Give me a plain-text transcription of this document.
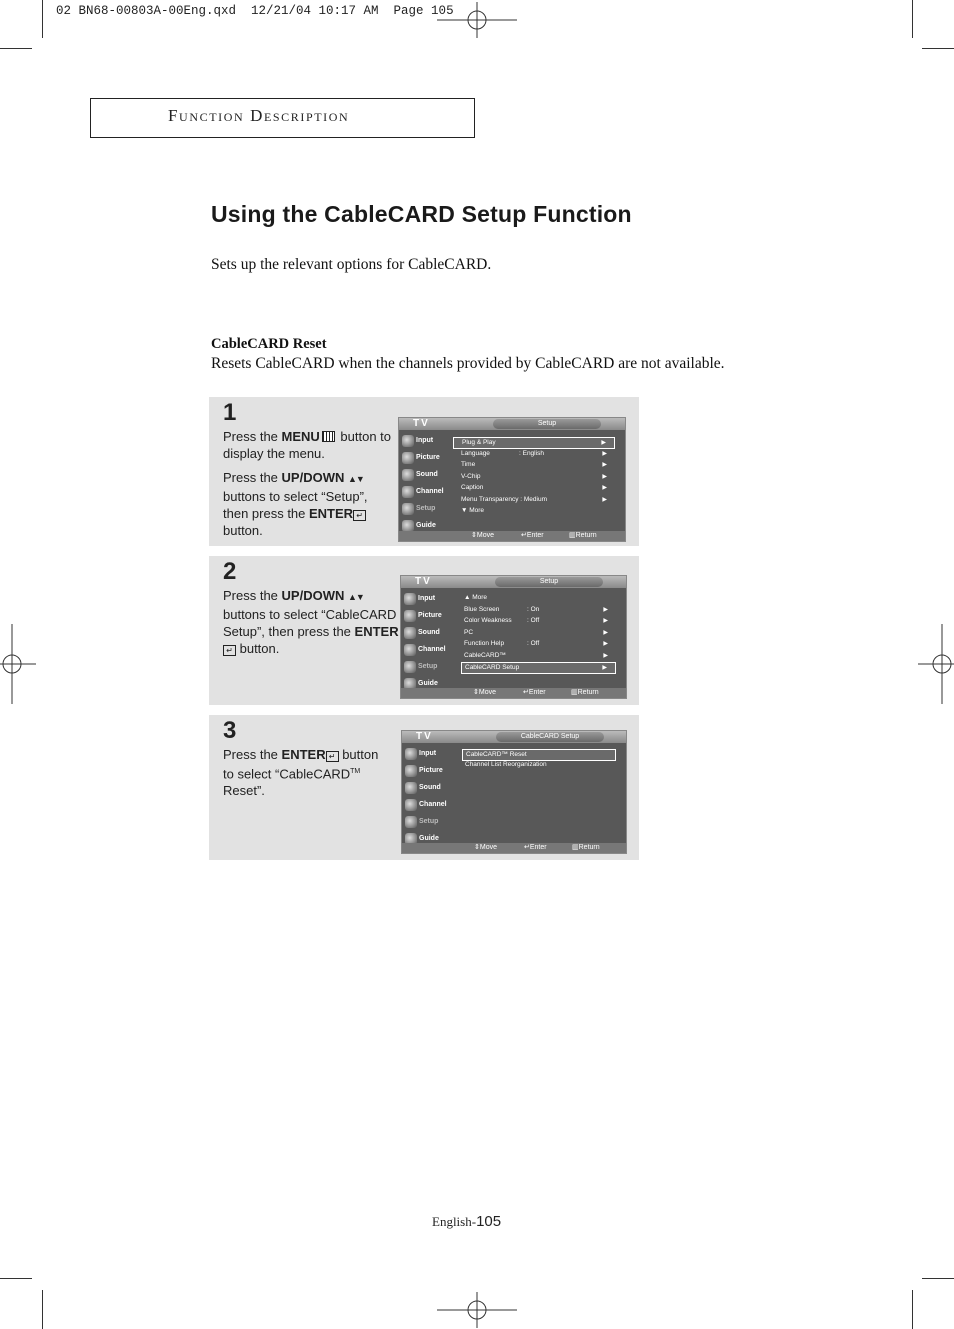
02 BN68-00803A-00Eng.qxd  12/21/04 10:17 AM  Page 105
Function Description
Using the CableCARD Setup Function
Sets up the relevant options for CableCARD.
CableCARD Reset
Resets CableCARD when the channels provided by CableCARD are not available.
1
Press the MENU button to display the menu.
Press the UP/DOWN ▲▼ buttons to select “Setup”, then press the ENTER ↵ button.
TV	Setup
Input
Picture
Sound
Channel
Setup
Guide
Plug & Play	▶
Language	: English	▶
Time	▶
V-Chip	▶
Caption	▶
Menu Transparency : Medium	▶
▼ More
⇕ Move	↵ Enter	▥ Return
2
Press the UP/DOWN ▲▼ buttons to select “CableCARD Setup”, then press the ENTER↵ button.
TV	Setup
Input
Picture
Sound
Channel
Setup
Guide
▲ More
Blue Screen	: On	▶
Color Weakness : Off	▶
PC	▶
Function Help	: Off	▶
CableCARD™	▶
CableCARD Setup	▶
⇕ Move	↵ Enter	▥ Return
3
Press the ENTER ↵ button to select “CableCARD™ Reset”.
TV	CableCARD Setup
Input
Picture
Sound
Channel
Setup
Guide
CableCARD™ Reset
Channel List Reorganization
⇕ Move	↵ Enter	▥ Return
English-105
